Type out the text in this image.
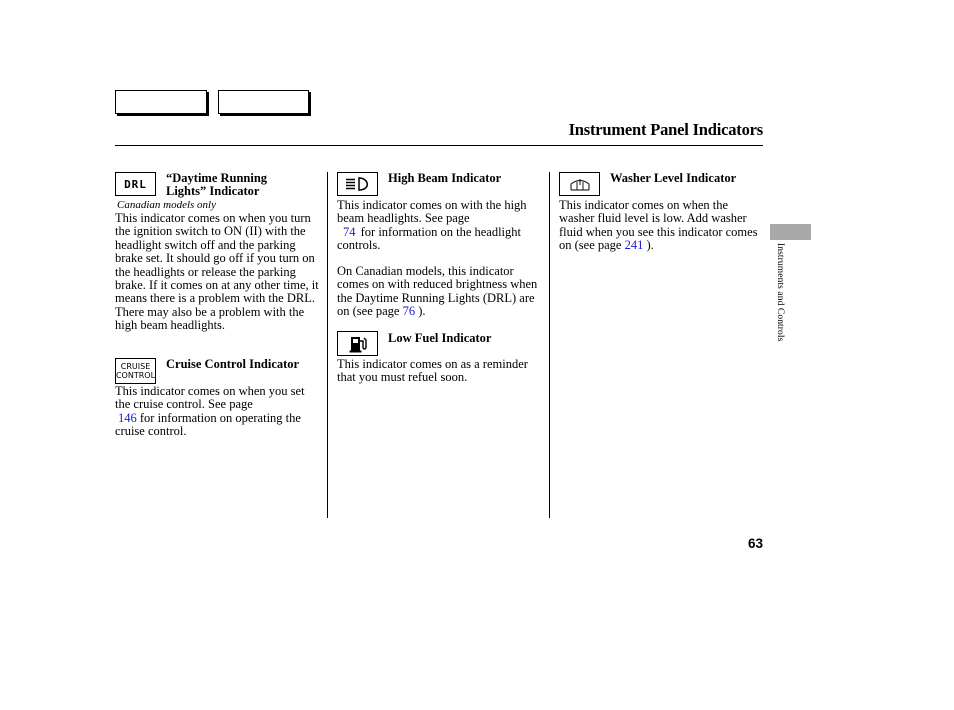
Instrument Panel Indicators
DRL “Daytime Running
Lights” Indicator
Canadian models only
This indicator comes on when you turn the ignition switch to ON (II) with the headlight switch off and the parking brake set. It should go off if you turn on the headlights or release the parking brake. If it comes on at any other time, it means there is a problem with the DRL. There may also be a problem with the high beam headlights.
CRUISE
CONTROL
Cruise Control Indicator
This indicator comes on when you set the cruise control. See page
146 for information on operating the cruise control.
High Beam Indicator
This indicator comes on with the high beam headlights. See page
74 for information on the headlight controls.
On Canadian models, this indicator comes on with reduced brightness when the Daytime Running Lights (DRL) are on (see page 76 ).
Low Fuel Indicator
This indicator comes on as a reminder that you must refuel soon.
Washer Level Indicator
This indicator comes on when the washer fluid level is low. Add washer fluid when you see this indicator comes on (see page 241 ).	Instruments and Controls
63
